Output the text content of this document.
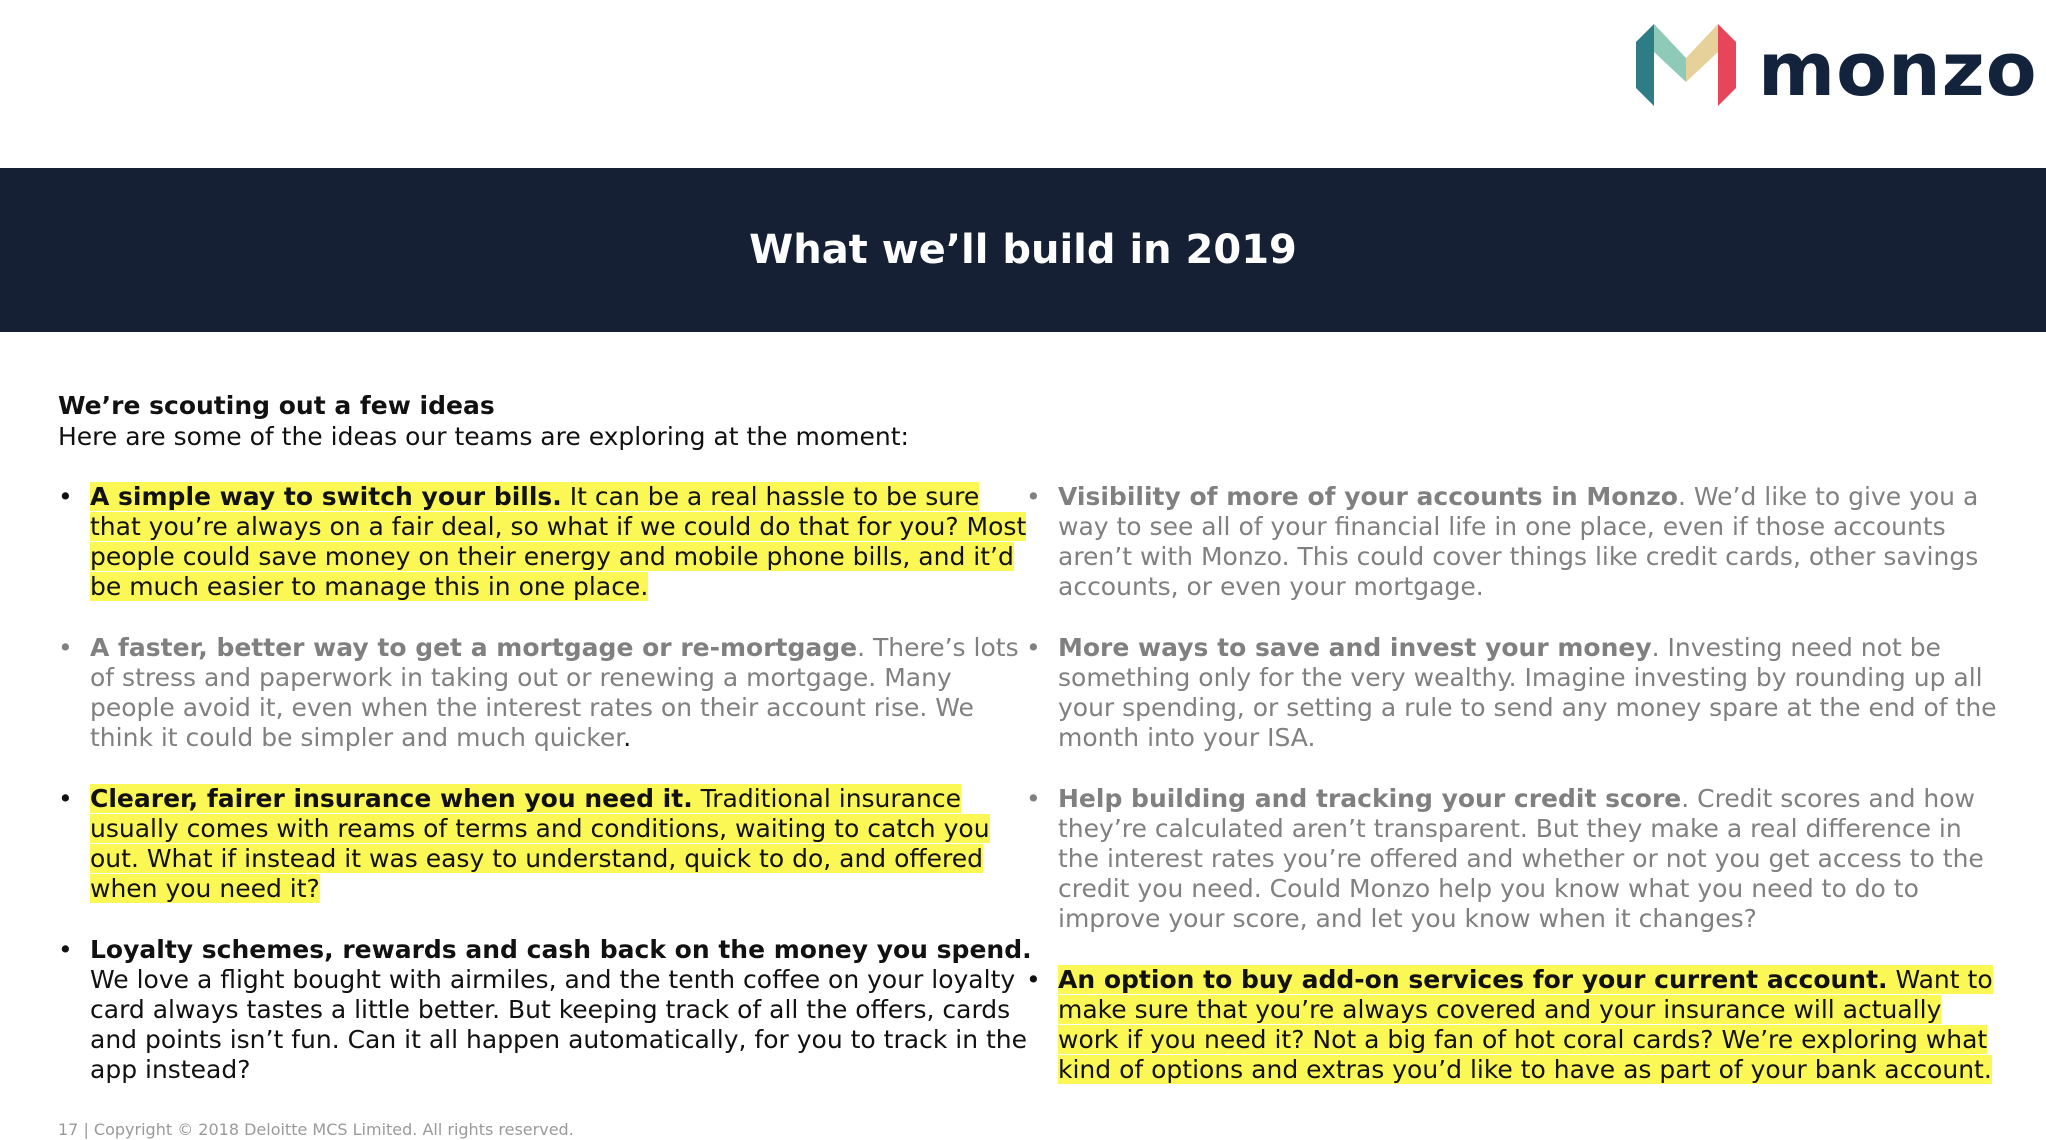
monzo
What we’ll build in 2019
We’re scouting out a few ideas
Here are some of the ideas our teams are exploring at the moment:
• A simple way to switch your bills. It can be a real hassle to be sure that you’re always on a fair deal, so what if we could do that for you? Most people could save money on their energy and mobile phone bills, and it’d be much easier to manage this in one place.
• A faster, better way to get a mortgage or re-mortgage. There’s lots of stress and paperwork in taking out or renewing a mortgage. Many people avoid it, even when the interest rates on their account rise. We think it could be simpler and much quicker.
• Clearer, fairer insurance when you need it. Traditional insurance usually comes with reams of terms and conditions, waiting to catch you out. What if instead it was easy to understand, quick to do, and offered when you need it?
• Loyalty schemes, rewards and cash back on the money you spend. We love a flight bought with airmiles, and the tenth coffee on your loyalty card always tastes a little better. But keeping track of all the offers, cards and points isn’t fun. Can it all happen automatically, for you to track in the app instead?
• Visibility of more of your accounts in Monzo. We’d like to give you a way to see all of your financial life in one place, even if those accounts aren’t with Monzo. This could cover things like credit cards, other savings accounts, or even your mortgage.
• More ways to save and invest your money. Investing need not be something only for the very wealthy. Imagine investing by rounding up all your spending, or setting a rule to send any money spare at the end of the month into your ISA.
• Help building and tracking your credit score. Credit scores and how they’re calculated aren’t transparent. But they make a real difference in the interest rates you’re offered and whether or not you get access to the credit you need. Could Monzo help you know what you need to do to improve your score, and let you know when it changes?
• An option to buy add-on services for your current account. Want to make sure that you’re always covered and your insurance will actually work if you need it? Not a big fan of hot coral cards? We’re exploring what kind of options and extras you’d like to have as part of your bank account.
17 | Copyright © 2018 Deloitte MCS Limited. All rights reserved.
